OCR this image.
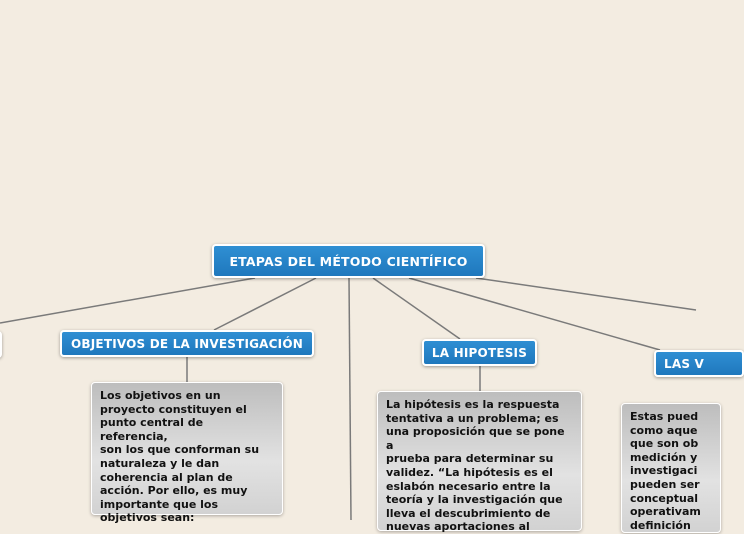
ETAPAS DEL MÉTODO CIENTÍFICO
OBJETIVOS DE LA INVESTIGACIÓN
LA HIPOTESIS
LAS V
Los objetivos en un
proyecto constituyen el
punto central de referencia,
son los que conforman su
naturaleza y le dan
coherencia al plan de
acción. Por ello, es muy
importante que los
objetivos sean:
La hipótesis es la respuesta
tentativa a un problema; es
una proposición que se pone a
prueba para determinar su
validez. “La hipótesis es el
eslabón necesario entre la
teoría y la investigación que
lleva el descubrimiento de
nuevas aportaciones al
Estas pued
como aque
que son ob
medición y
investigaci
pueden ser
conceptual
operativam
definición
